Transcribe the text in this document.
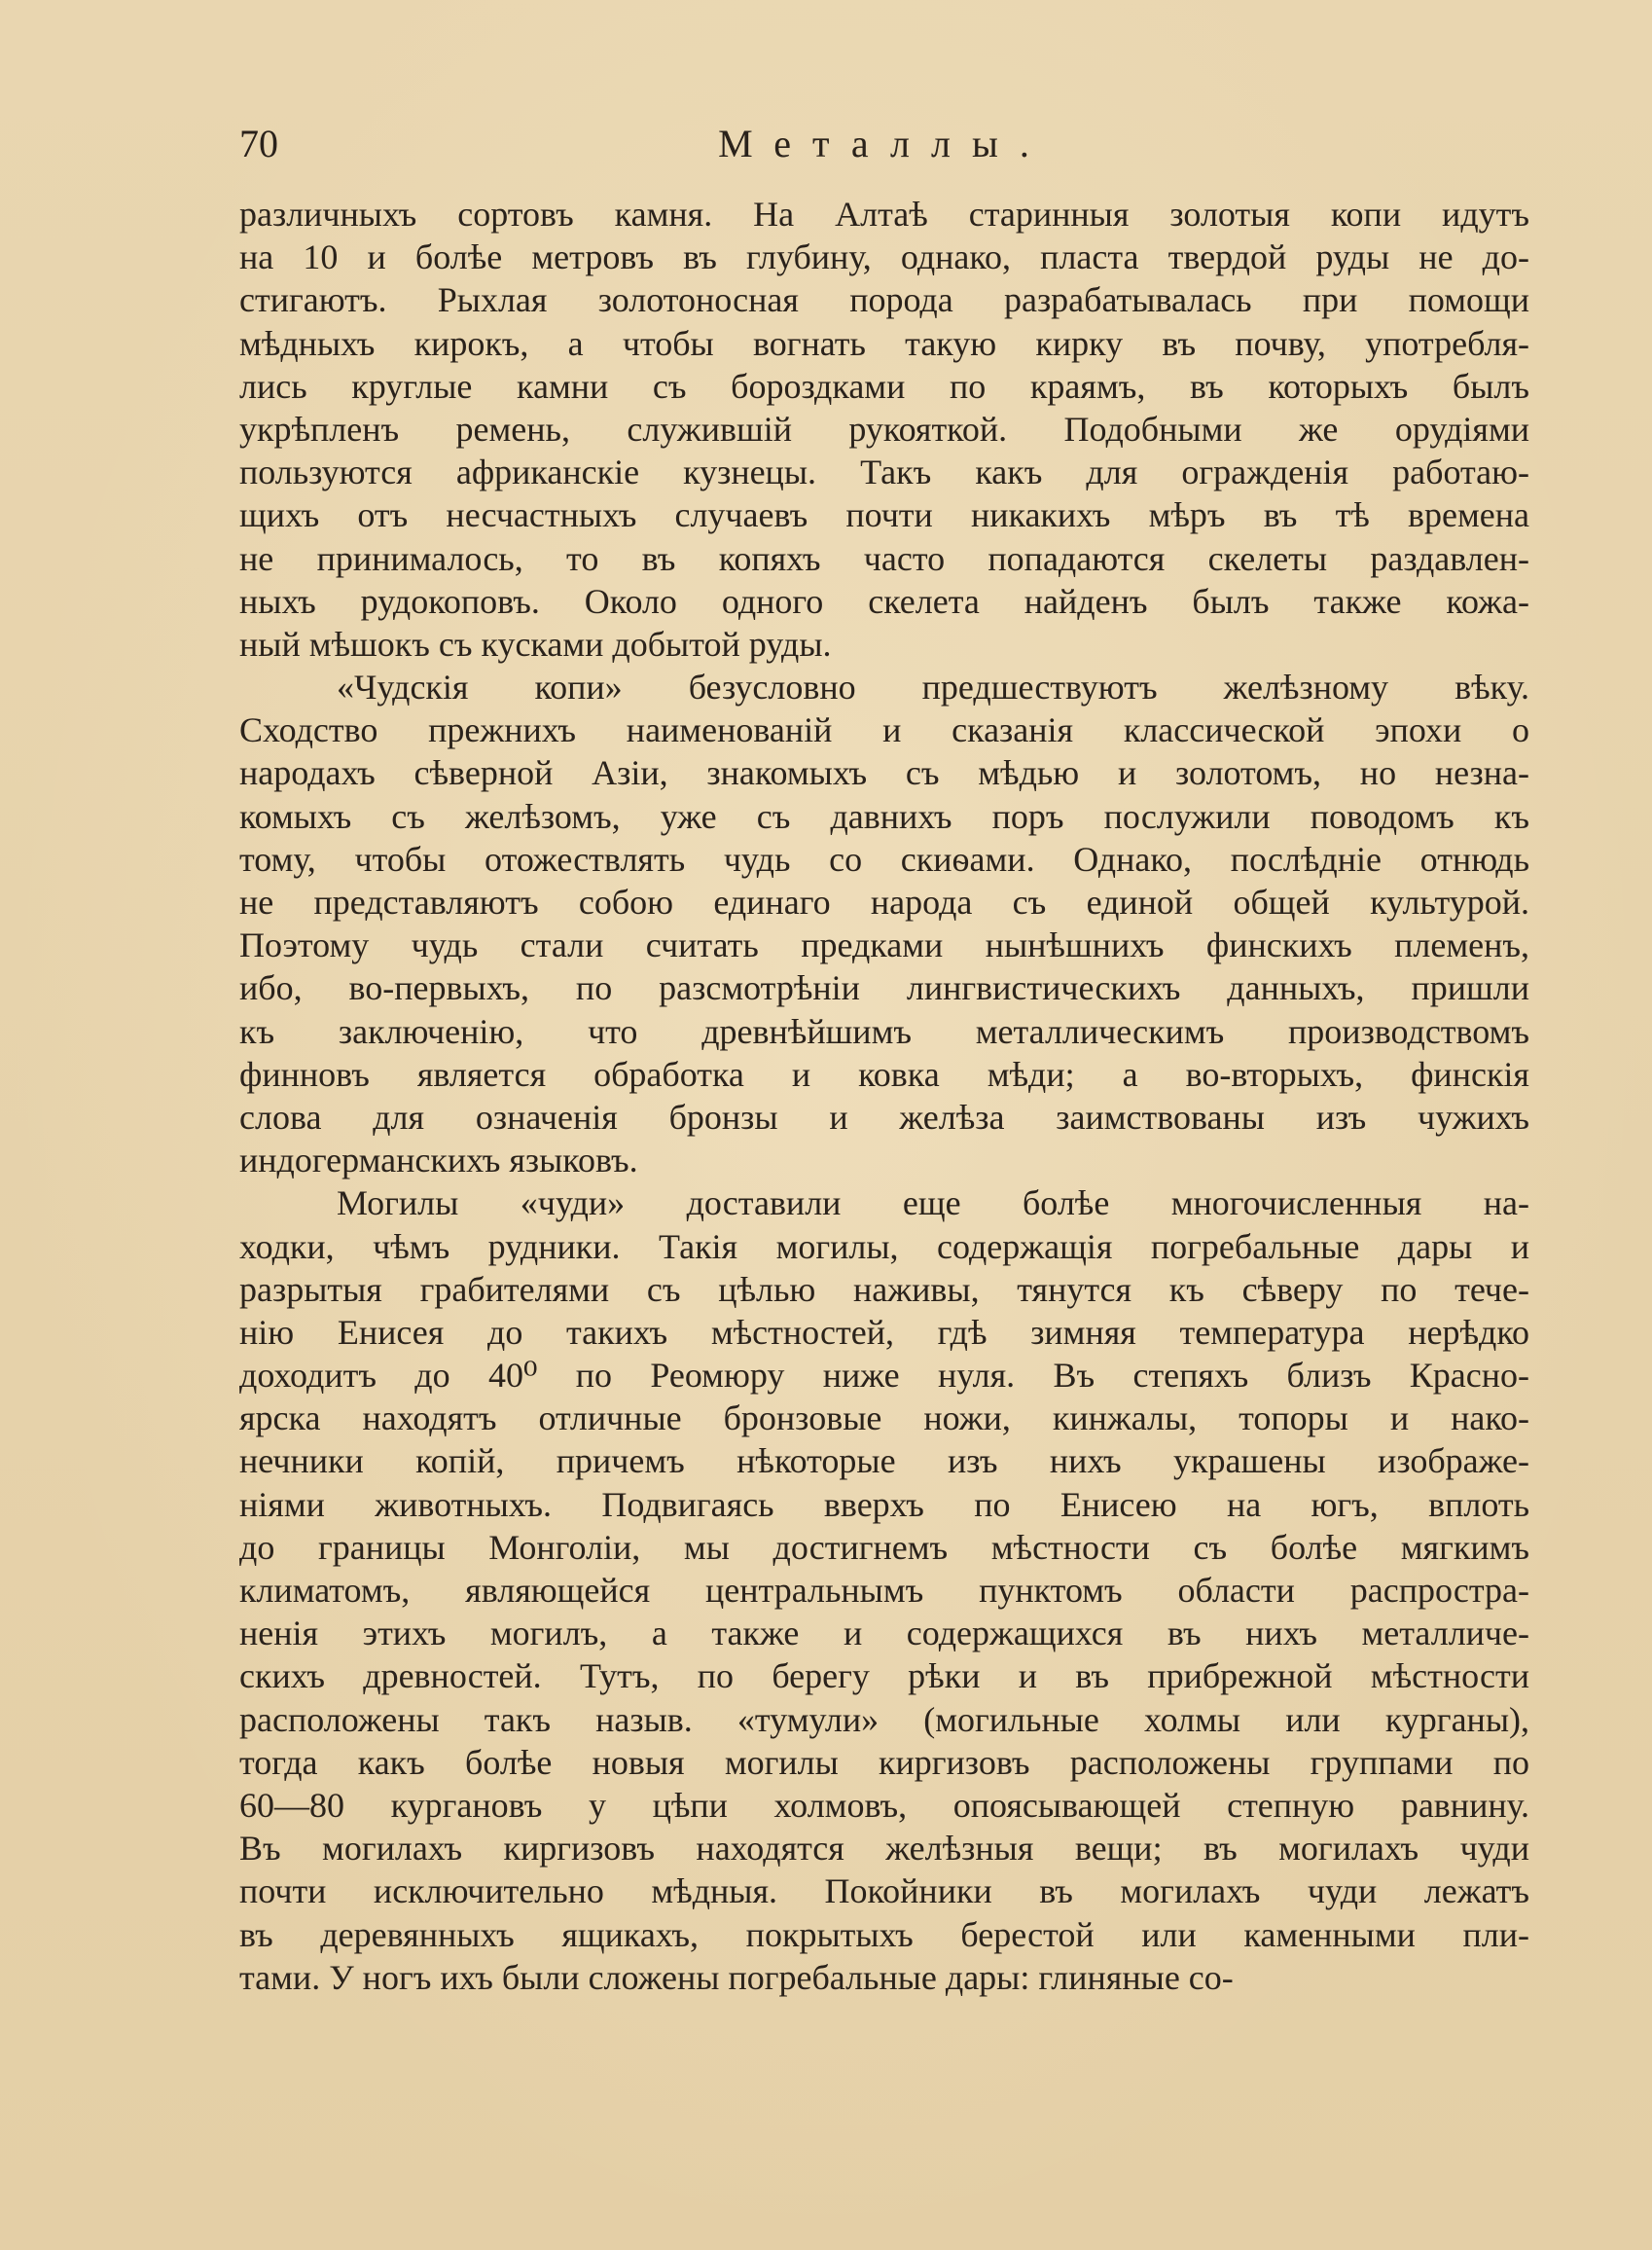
70	Металлы.
различныхъ сортовъ камня. На Алтаѣ старинныя золотыя копи идутъ
на 10 и болѣе метровъ въ глубину, однако, пласта твердой руды не до-
стигаютъ. Рыхлая золотоносная порода разрабатывалась при помощи
мѣдныхъ кирокъ, а чтобы вогнать такую кирку въ почву, употребля-
лись круглые камни съ бороздками по краямъ, въ которыхъ былъ
укрѣпленъ ремень, служившій рукояткой. Подобными же орудіями
пользуются африканскіе кузнецы. Такъ какъ для огражденія работаю-
щихъ отъ несчастныхъ случаевъ почти никакихъ мѣръ въ тѣ времена
не принималось, то въ копяхъ часто попадаются скелеты раздавлен-
ныхъ рудокоповъ. Около одного скелета найденъ былъ также кожа-
ный мѣшокъ съ кусками добытой руды.
«Чудскія копи» безусловно предшествуютъ желѣзному вѣку.
Сходство прежнихъ наименованій и сказанія классической эпохи о
народахъ сѣверной Азіи, знакомыхъ съ мѣдью и золотомъ, но незна-
комыхъ съ желѣзомъ, уже съ давнихъ поръ послужили поводомъ къ
тому, чтобы отожествлять чудь со скиѳами. Однако, послѣдніе отнюдь
не представляютъ собою единаго народа съ единой общей культурой.
Поэтому чудь стали считать предками нынѣшнихъ финскихъ племенъ,
ибо, во-первыхъ, по разсмотрѣніи лингвистическихъ данныхъ, пришли
къ заключенію, что древнѣйшимъ металлическимъ производствомъ
финновъ является обработка и ковка мѣди; а во-вторыхъ, финскія
слова для означенія бронзы и желѣза заимствованы изъ чужихъ
индогерманскихъ языковъ.
Могилы «чуди» доставили еще болѣе многочисленныя на-
ходки, чѣмъ рудники. Такія могилы, содержащія погребальные дары и
разрытыя грабителями съ цѣлью наживы, тянутся къ сѣверу по тече-
нію Енисея до такихъ мѣстностей, гдѣ зимняя температура нерѣдко
доходитъ до 40⁰ по Реомюру ниже нуля. Въ степяхъ близъ Красно-
ярска находятъ отличные бронзовые ножи, кинжалы, топоры и нако-
нечники копій, причемъ нѣкоторые изъ нихъ украшены изображе-
ніями животныхъ. Подвигаясь вверхъ по Енисею на югъ, вплоть
до границы Монголіи, мы достигнемъ мѣстности съ болѣе мягкимъ
климатомъ, являющейся центральнымъ пунктомъ области распростра-
ненія этихъ могилъ, а также и содержащихся въ нихъ металличе-
скихъ древностей. Тутъ, по берегу рѣки и въ прибрежной мѣстности
расположены такъ назыв. «тумули» (могильные холмы или курганы),
тогда какъ болѣе новыя могилы киргизовъ расположены группами по
60—80 кургановъ у цѣпи холмовъ, опоясывающей степную равнину.
Въ могилахъ киргизовъ находятся желѣзныя вещи; въ могилахъ чуди
почти исключительно мѣдныя. Покойники въ могилахъ чуди лежатъ
въ деревянныхъ ящикахъ, покрытыхъ берестой или каменными пли-
тами. У ногъ ихъ были сложены погребальные дары: глиняные со-
